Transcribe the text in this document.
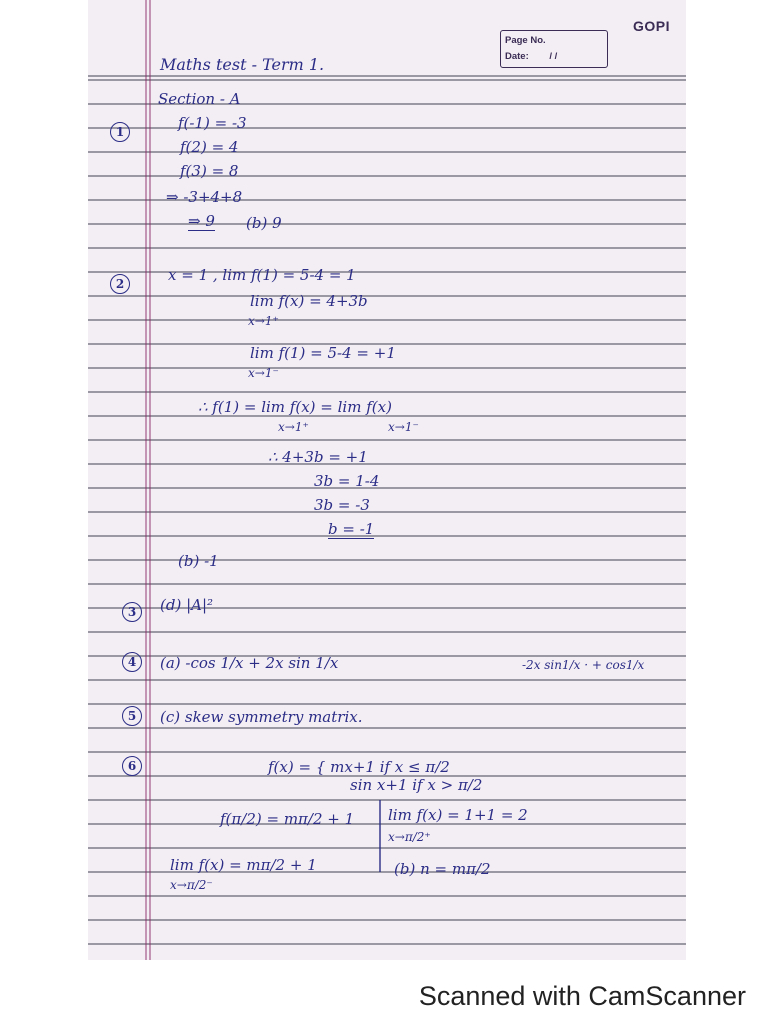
GOPI
Page No.
Date: / /
Maths test - Term 1.
Section - A
1	f(-1) = -3
f(2) = 4
f(3) = 8
⇒ -3+4+8
⇒ 9 (b) 9
2	x = 1 , lim f(1) = 5-4 = 1
lim f(x) = 4+3b
x→1⁺
lim f(1) = 5-4 = +1
x→1⁻
∴ f(1) = lim f(x) = lim f(x)
x→1⁺	x→1⁻
∴ 4+3b = +1
3b = 1-4
3b = -3
b = -1
(b) -1
3	(d) |A|²
4	(a) -cos 1/x + 2x sin 1/x	-2x sin1/x · + cos1/x
5	(c) skew symmetry matrix.
6	f(x) = { mx+1 if x ≤ π/2
sin x+1 if x > π/2
f(π/2) = mπ/2 + 1 lim f(x) = 1+1 = 2
x→π/2⁺
lim f(x) = mπ/2 + 1
x→π/2⁻
(b) n = mπ/2
Scanned with CamScanner
